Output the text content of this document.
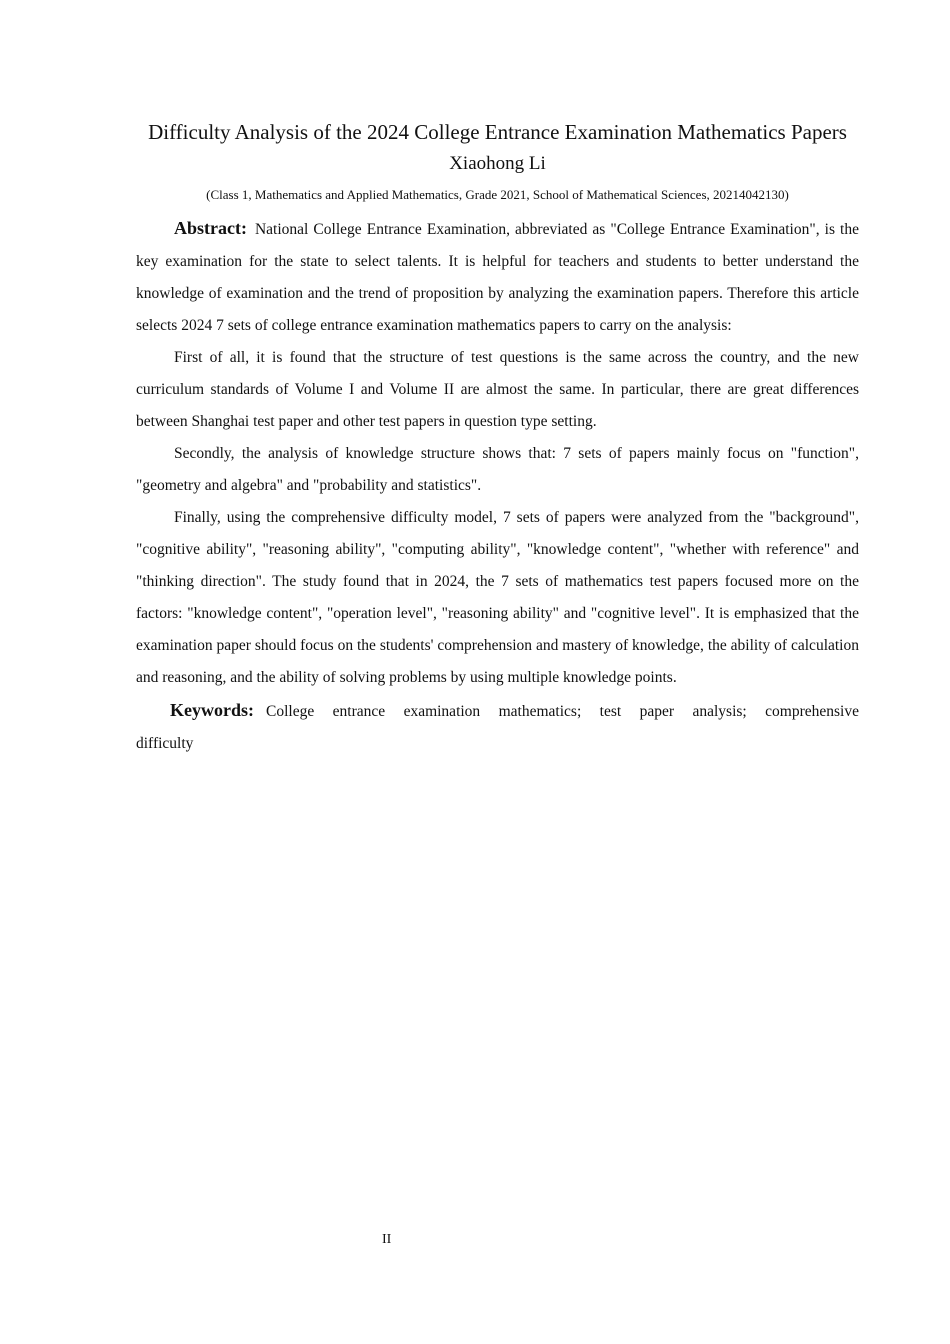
Difficulty Analysis of the 2024 College Entrance Examination Mathematics Papers

Xiaohong Li

(Class 1, Mathematics and Applied Mathematics, Grade 2021, School of Mathematical Sciences, 20214042130)

Abstract: National College Entrance Examination, abbreviated as "College Entrance Examination", is the key examination for the state to select talents. It is helpful for teachers and students to better understand the knowledge of examination and the trend of proposition by analyzing the examination papers. Therefore this article selects 2024 7 sets of college entrance examination mathematics papers to carry on the analysis:

First of all, it is found that the structure of test questions is the same across the country, and the new curriculum standards of Volume I and Volume II are almost the same. In particular, there are great differences between Shanghai test paper and other test papers in question type setting.

Secondly, the analysis of knowledge structure shows that: 7 sets of papers mainly focus on "function", "geometry and algebra" and "probability and statistics".

Finally, using the comprehensive difficulty model, 7 sets of papers were analyzed from the "background", "cognitive ability", "reasoning ability", "computing ability", "knowledge content", "whether with reference" and "thinking direction". The study found that in 2024, the 7 sets of mathematics test papers focused more on the factors: "knowledge content", "operation level", "reasoning ability" and "cognitive level". It is emphasized that the examination paper should focus on the students' comprehension and mastery of knowledge, the ability of calculation and reasoning, and the ability of solving problems by using multiple knowledge points.

Keywords: College entrance examination mathematics; test paper analysis; comprehensive difficulty

II
